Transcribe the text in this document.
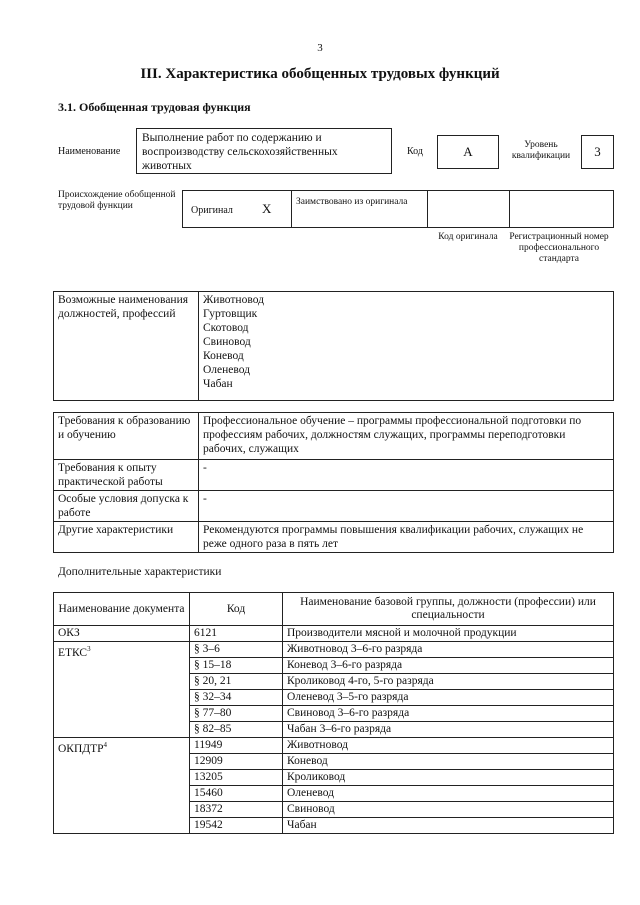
3
III. Характеристика обобщенных трудовых функций
3.1. Обобщенная трудовая функция
Наименование
Выполнение работ по содержанию и воспроизводству сельскохозяйственных животных
Код	A	Уровень квалификации	3
Происхождение обобщенной трудовой функции	Оригинал X	Заимствовано из оригинала
Код оригинала	Регистрационный номер профессионального стандарта
Возможные наименования должностей, профессий	
Животновод
Гуртовщик
Скотовод
Свиновод
Коневод
Оленевод
Чабан
Требования к образованию и обучению	Профессиональное обучение – программы профессиональной подготовки по профессиям рабочих, должностям служащих, программы переподготовки рабочих, служащих
Требования к опыту практической работы	-
Особые условия допуска к работе	-
Другие характеристики	Рекомендуются программы повышения квалификации рабочих, служащих не реже одного раза в пять лет
Дополнительные характеристики
Наименование документа	Код	Наименование базовой группы, должности (профессии) или специальности
ОКЗ	6121	Производители мясной и молочной продукции
ЕТКС$^3$	§ 3–6	Животновод 3–6-го разряда
	§ 15–18	Коневод 3–6-го разряда
	§ 20, 21	Кроликовод 4-го, 5-го разряда
	§ 32–34	Оленевод 3–5-го разряда
	§ 77–80	Свиновод 3–6-го разряда
	§ 82–85	Чабан 3–6-го разряда
ОКПДТР$^4$	11949	Животновод
	12909	Коневод
	13205	Кроликовод
	15460	Оленевод
	18372	Свиновод
	19542	Чабан
